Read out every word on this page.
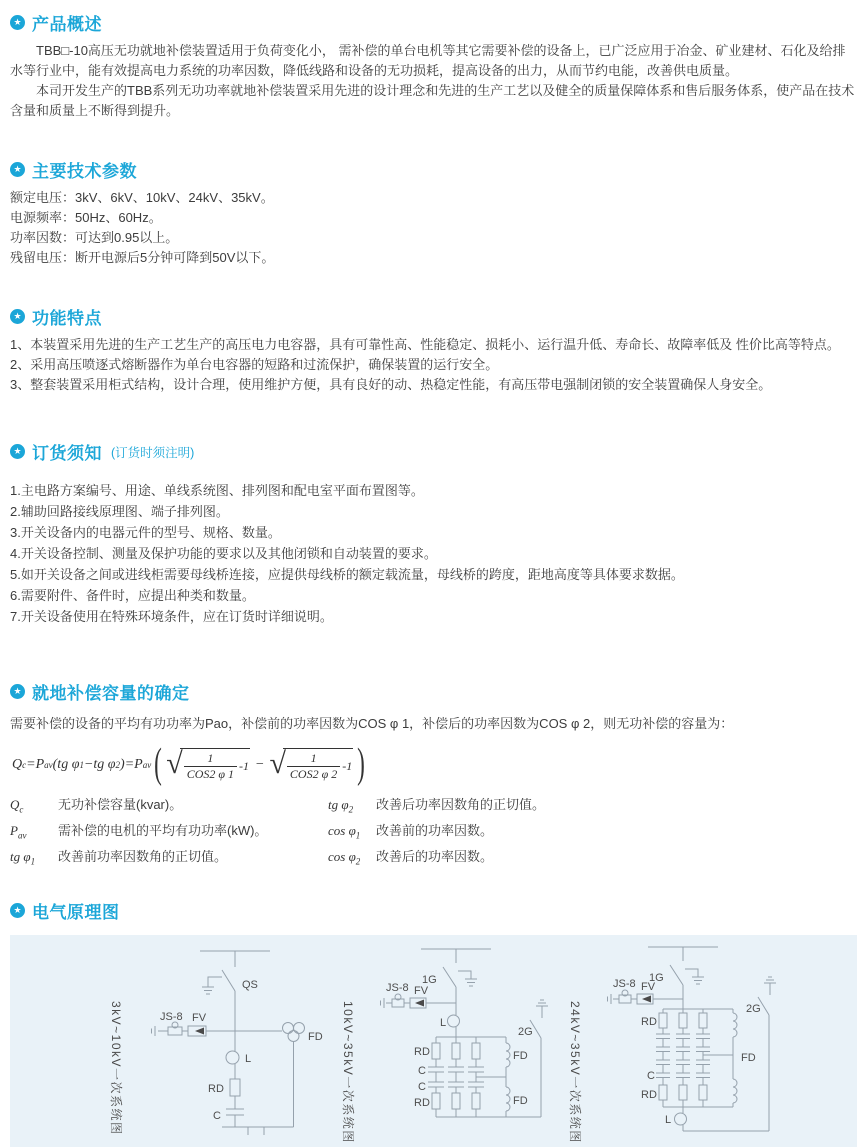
★ 产品概述

TBB□-10高压无功就地补偿装置适用于负荷变化小， 需补偿的单台电机等其它需要补偿的设备上，已广泛应用于冶金、矿业建材、石化及给排水等行业中，能有效提高电力系统的功率因数，降低线路和设备的无功损耗，提高设备的出力，从而节约电能，改善供电质量。

本司开发生产的TBB系列无功功率就地补偿装置采用先进的设计理念和先进的生产工艺以及健全的质量保障体系和售后服务体系，使产品在技术含量和质量上不断得到提升。

★ 主要技术参数
额定电压：3kV、6kV、10kV、24kV、35kV。
电源频率：50Hz、60Hz。
功率因数：可达到0.95以上。
残留电压：断开电源后5分钟可降到50V以下。
★ 功能特点
1、本装置采用先进的生产工艺生产的高压电力电容器，具有可靠性高、性能稳定、损耗小、运行温升低、寿命长、故障率低及 性价比高等特点。
2、采用高压喷逐式熔断器作为单台电容器的短路和过流保护，确保装置的运行安全。
3、整套装置采用柜式结构，设计合理，使用维护方便，具有良好的动、热稳定性能，有高压带电强制闭锁的安全装置确保人身安全。
★ 订货须知 (订货时须注明)
1.主电路方案编号、用途、单线系统图、排列图和配电室平面布置图等。
2.辅助回路接线原理图、端子排列图。
3.开关设备内的电器元件的型号、规格、数量。
4.开关设备控制、测量及保护功能的要求以及其他闭锁和自动装置的要求。
5.如开关设备之间或进线柜需要母线桥连接，应提供母线桥的额定载流量，母线桥的跨度，距地高度等具体要求数据。
6.需要附件、备件时，应提出种类和数量。
7.开关设备使用在特殊环境条件，应在订货时详细说明。
★ 就地补偿容量的确定

需要补偿的设备的平均有功功率为Pao，补偿前的功率因数为COS φ 1，补偿后的功率因数为COS φ 2，则无功补偿的容量为：

Q c = P av (tg φ 1 −tg φ 2 ) = P av ( √ $\frac{1}{\text{COS2 φ 1}} -1$ − √ $\frac{1}{\text{COS2 φ 2}} -1$ )
$Q_c$	无功补偿容量(kvar)。
$P_{av}$	需补偿的电机的平均有功功率(kW)。
tg $\varphi_1$	改善前功率因数角的正切值。
tg $\varphi_2$	改善后功率因数角的正切值。
$\cos \varphi_1$	改善前的功率因数。
$\cos \varphi_2$	改善后的功率因数。
★ 电气原理图
3kV~10kV一次系统图
QS
JS-8 FV
FD
L
RD
C	10kV~35kV一次系统图
1G
JS-8 FV
L
RD
C
C
RD
FD
FD
2G	24kV~35kV一次系统图
1G
JS-8 FV
RD
C
RD
FD
L
2G
